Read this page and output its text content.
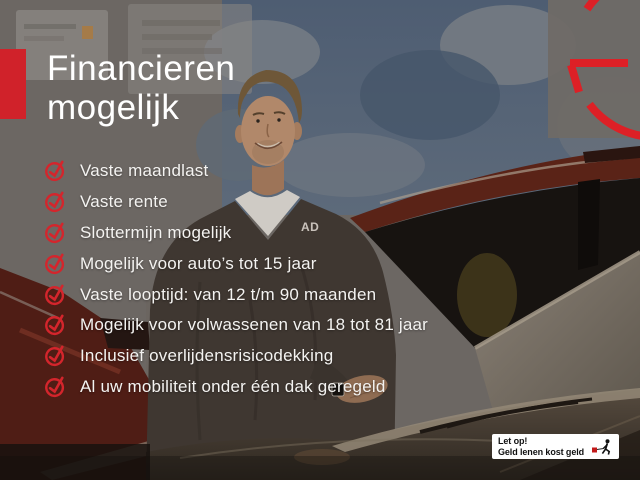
Financieren
mogelijk
AD
Vaste maandlast
Vaste rente
Slottermijn mogelijk
Mogelijk voor auto’s tot 15 jaar
Vaste looptijd: van 12 t/m 90 maanden
Mogelijk voor volwassenen van 18 tot 81 jaar
Inclusief overlijdensrisicodekking
Al uw mobiliteit onder één dak geregeld
Let op!
Geld lenen kost geld
